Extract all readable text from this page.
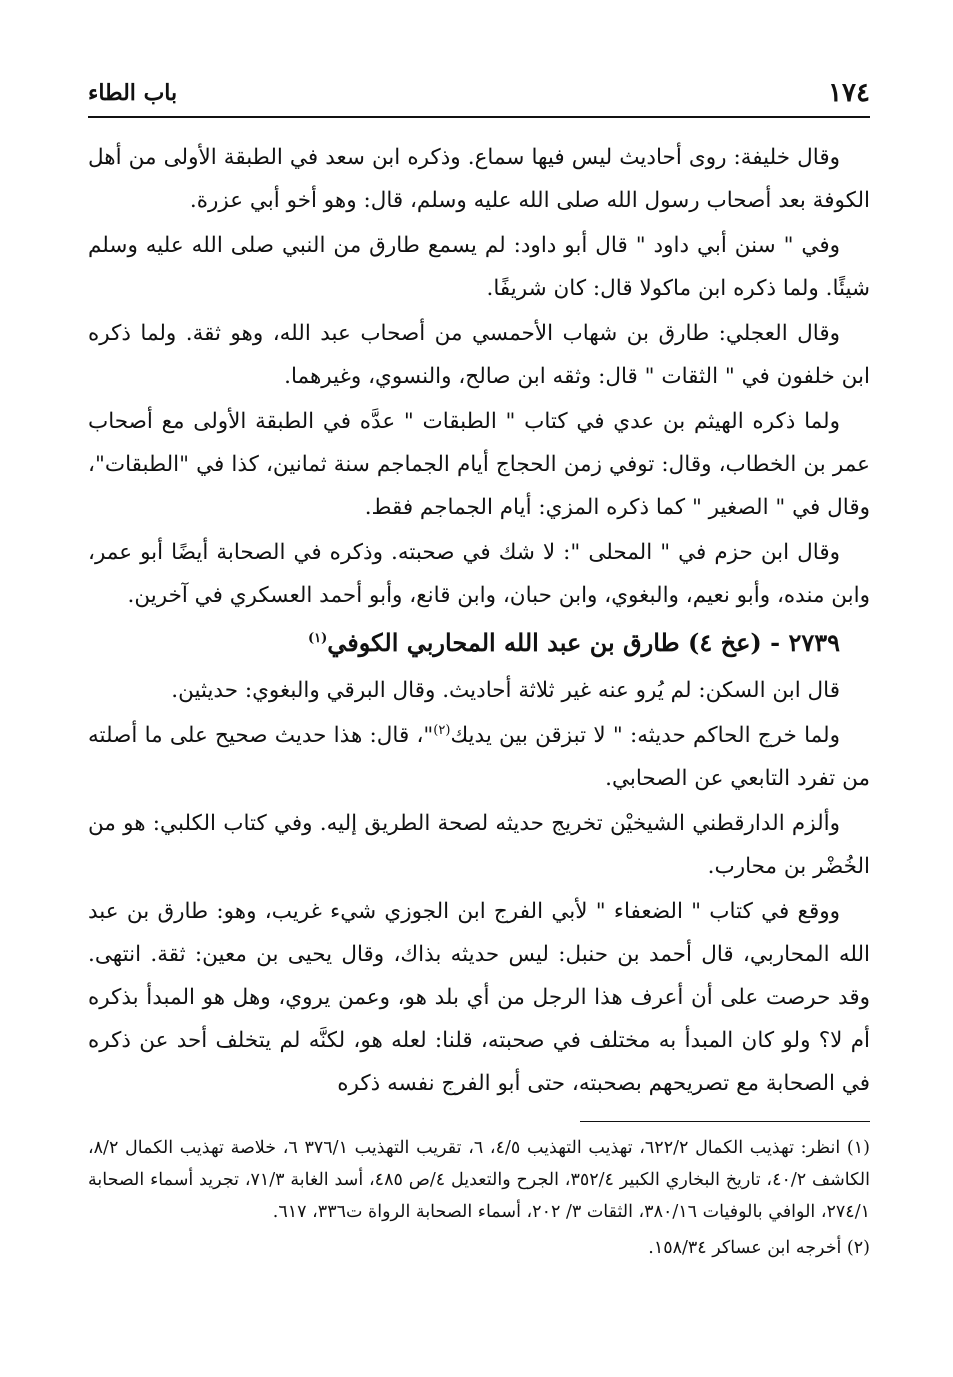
١٧٤
باب الطاء

وقال خليفة: روى أحاديث ليس فيها سماع. وذكره ابن سعد في الطبقة الأولى من أهل الكوفة بعد أصحاب رسول الله صلى الله عليه وسلم، قال: وهو أخو أبي عزرة.

وفي " سنن أبي داود " قال أبو داود: لم يسمع طارق من النبي صلى الله عليه وسلم شيئًا. ولما ذكره ابن ماكولا قال: كان شريفًا.

وقال العجلي: طارق بن شهاب الأحمسي من أصحاب عبد الله، وهو ثقة. ولما ذكره ابن خلفون في " الثقات " قال: وثقه ابن صالح، والنسوي، وغيرهما.

ولما ذكره الهيثم بن عدي في كتاب " الطبقات " عدَّه في الطبقة الأولى مع أصحاب عمر بن الخطاب، وقال: توفي زمن الحجاج أيام الجماجم سنة ثمانين، كذا في "الطبقات"، وقال في " الصغير " كما ذكره المزي: أيام الجماجم فقط.

وقال ابن حزم في " المحلى ": لا شك في صحبته. وذكره في الصحابة أيضًا أبو عمر، وابن منده، وأبو نعيم، والبغوي، وابن حبان، وابن قانع، وأبو أحمد العسكري في آخرين.

٢٧٣٩ - (عخ ٤) طارق بن عبد الله المحاربي الكوفي$^{(١)}$

قال ابن السكن: لم يُرو عنه غير ثلاثة أحاديث. وقال البرقي والبغوي: حديثين.

ولما خرج الحاكم حديثه: " لا تبزقن بين يديك$^{(٢)}$"، قال: هذا حديث صحيح على ما أصلته من تفرد التابعي عن الصحابي.

وألزم الدارقطني الشيخيْن تخريج حديثه لصحة الطريق إليه. وفي كتاب الكلبي: هو من الخُضْر بن محارب.

ووقع في كتاب " الضعفاء " لأبي الفرج ابن الجوزي شيء غريب، وهو: طارق بن عبد الله المحاربي، قال أحمد بن حنبل: ليس حديثه بذاك، وقال يحيى بن معين: ثقة. انتهى. وقد حرصت على أن أعرف هذا الرجل من أي بلد هو، وعمن يروي، وهل هو المبدأ بذكره أم لا؟ ولو كان المبدأ به مختلف في صحبته، قلنا: لعله هو، لكنَّه لم يتخلف أحد عن ذكره في الصحابة مع تصريحهم بصحبته، حتى أبو الفرج نفسه ذكره

(١) انظر: تهذيب الكمال ٦٢٢/٢، تهذيب التهذيب ٤/٥، ٦، تقريب التهذيب ٣٧٦/١ ٦، خلاصة تهذيب الكمال ٨/٢، الكاشف ٤٠/٢، تاريخ البخاري الكبير ٣٥٢/٤، الجرح والتعديل ٤/ص ٤٨٥، أسد الغابة ٧١/٣، تجريد أسماء الصحابة ٢٧٤/١، الوافي بالوفيات ٣٨٠/١٦، الثقات ٣/ ٢٠٢، أسماء الصحابة الرواة ت٣٣٦، ٦١٧.

(٢) أخرجه ابن عساكر ١٥٨/٣٤.
